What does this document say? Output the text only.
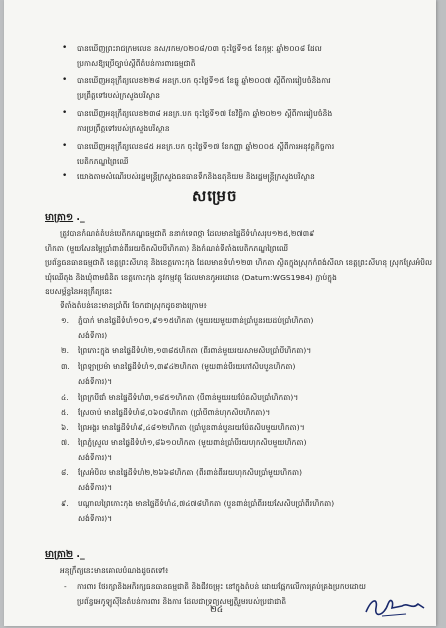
• បានឃើញព្រះរាជក្រមលេខ នស/រកម/០២០៨/០៣ ចុះថ្ងៃទី១៥ ខែកុម្ភៈ ឆ្នាំ២០០៨ ដែល
ប្រកាសឱ្យប្រើច្បាប់ស្តីពីតំបន់ការពារធម្មជាតិ
• បានឃើញអនុក្រឹត្យលេខ២២៨ អនក្រ.បក ចុះថ្ងៃទី១៥ ខែធ្នូ ឆ្នាំ២០០៧ ស្តីពីការរៀបចំនិងការ
ប្រព្រឹត្តទៅរបស់ក្រសួងបរិស្ថាន
• បានឃើញអនុក្រឹត្យលេខ២៣៨ អនក្រ.បក ចុះថ្ងៃទី១៧ ខែវិច្ឆិកា ឆ្នាំ២០២១ ស្តីពីការរៀបចំនិង
ការប្រព្រឹត្តទៅរបស់ក្រសួងបរិស្ថាន
• បានឃើញអនុក្រឹត្យលេខ៨៥ អនក្រ.បក ចុះថ្ងៃទី១៧ ខែកញ្ញា ឆ្នាំ២០០៥ ស្តីពីការអនុវត្តកិច្ចការ
បេតិកភណ្ឌព្រៃឈើ
• យោងតាមសំណើរបស់រដ្ឋមន្ត្រីក្រសួងធនធានទឹកនិងឧតុនិយម និងរដ្ឋមន្ត្រីក្រសួងបរិស្ថាន
សម្រេច
មាត្រា១ ._
ត្រូវបានកំណត់តំបន់បេតិកភណ្ឌធម្មជាតិ ននាក់ទេពថ្កា ដែលមានផ្ទៃដីទំហំសរុប១២៥,២៧៣៩
ហិកតា (មួយសែនម្ភៃប្រាំពាន់ពីររយចិតសិបបីហិកតា) និងកំណត់ទីតាំងបេតិកភណ្ឌព្រៃឈើ
ប្រព័ន្ធធនធានធម្មជាតិ ខេត្តព្រះសីហនុ និងខេត្តកោះកុង ដែលមានទំហំ១២៣ ហិកតា ស្ថិតក្នុងស្រុកកំពង់សីលា ខេត្តព្រះសីហនុ ស្រុកស្រែអំបិល
ឃុំឈើតុង និងឃុំពាមជំនិត ខេត្តកោះកុង នូវកម្មវត្ថុ ដែលមានកូអរដោនេ (Datum:WGS1984) ភ្ជាប់ក្នុង
ឧបសម្ព័ន្ធនៃអនុក្រឹត្យនេះ
ទីតាំងតំបន់នេះមានប្រាំពីរ ចែកជាស្រុកដូចខាងក្រោម៖
១. ភ្នំបាក់ មានផ្ទៃដីទំហំ១០១,៩១១៥ហិកតា (មួយរយមួយពាន់ប្រាំបួនរយដប់ប្រាំហិកតា)
សង់ទីការ)
២. ព្រៃកោះក្នុង មានផ្ទៃដីទំហំ២,១៣៨៥ហិកតា (ពីរពាន់មួយរយសាមសិបប្រាំបីហិកតា)។
៣. ព្រៃឡាប្រម៉ា មានផ្ទៃដីទំហំ១,៣៩៤២ហិកតា (មួយពាន់បីរយកៅសិបបួនហិកតា)
សង់ទីការ)។
៤. ព្រៃក្របីជាំ មានផ្ទៃដីទំហំ៣,១៨៥១ហិកតា (បីពាន់មួយរយប៉ែតសិបប្រាំហិកតា)។
៥. ស្រែចាប់ មានផ្ទៃដីទំហំ៨,០៦០៨ហិកតា (ប្រាំបីពាន់ហុកសិបហិកតា)។
៦. ព្រៃអង្គរ មានផ្ទៃដីទំហំ៩,៤៨១២ហិកតា (ប្រាំបួនពាន់បួនរយប៉ែតសិបមួយហិកតា)។
៧. ព្រៃភ្នំស្រួល មានផ្ទៃដីទំហំ១,៨៦១០ហិកតា (មួយពាន់ប្រាំបីរយហុកសិបមួយហិកតា)
សង់ទីការ)។
៨. ស្រែអំបិល មានផ្ទៃដីទំហំ២,២៦៦៨ហិកតា (ពីរពាន់ពីររយហុកសិបប្រាំមួយហិកតា)
សង់ទីការ)។
៩. បណ្តាលព្រៃកោះកុង មានផ្ទៃដីទំហំ៤,៧៤៧៨ហិកតា (បួនពាន់ប្រាំពីររយសែសិបប្រាំពីរហិកតា)
សង់ទីការ)។
មាត្រា២ ._
អនុក្រឹត្យនេះមានគោលបំណងដូចតទៅ៖
- ការពារ ថែរក្សានិងអភិរក្សធនធានធម្មជាតិ និងជីវចម្រុះ នៅក្នុងតំបន់ ដោយផ្អែកលើការគ្រប់គ្រងប្រកបដោយ
ប្រព័ន្ធអេកូឡូស៊ីនៃតំបន់ការពារ និងការ ដែលជាទ្រព្យសម្បត្តិរួមរបស់ប្រជាជាតិ
២៤
